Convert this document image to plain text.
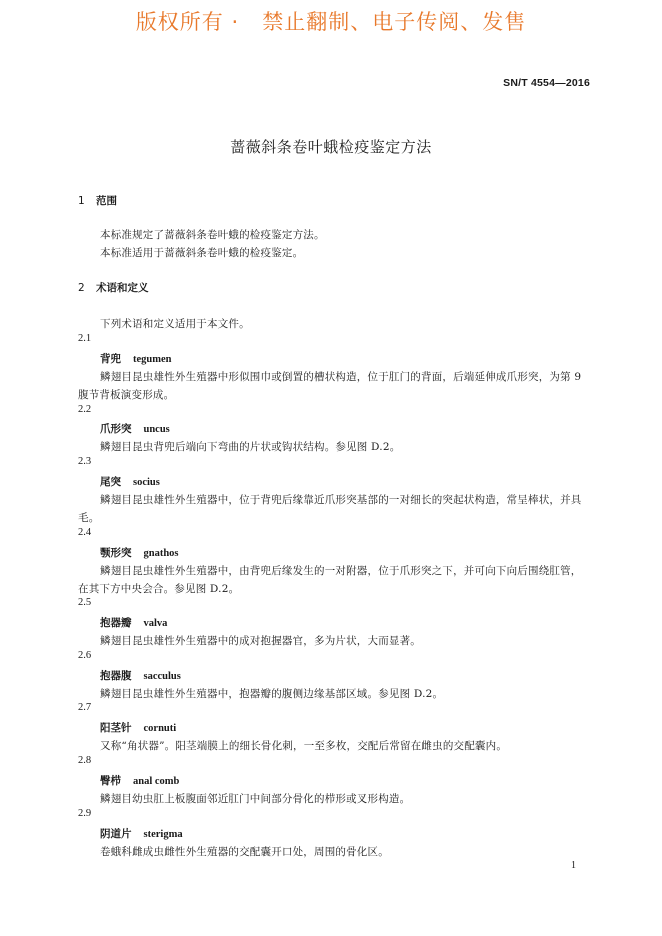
版权所有 ·   禁止翻制、电子传阅、发售
SN/T 4554—2016
蔷薇斜条卷叶蛾检疫鉴定方法
1 范围
本标准规定了蔷薇斜条卷叶蛾的检疫鉴定方法。
本标准适用于蔷薇斜条卷叶蛾的检疫鉴定。
2 术语和定义
下列术语和定义适用于本文件。
2.1
背兜 tegumen
鳞翅目昆虫雄性外生殖器中形似围巾或倒置的槽状构造，位于肛门的背面，后端延伸成爪形突，为第 9 腹节背板演变形成。
2.2
爪形突 uncus
鳞翅目昆虫背兜后端向下弯曲的片状或钩状结构。参见图 D.2。
2.3
尾突 socius
鳞翅目昆虫雄性外生殖器中，位于背兜后缘靠近爪形突基部的一对细长的突起状构造，常呈棒状，并具毛。
2.4
颚形突 gnathos
鳞翅目昆虫雄性外生殖器中，由背兜后缘发生的一对附器，位于爪形突之下，并可向下向后围绕肛管，在其下方中央会合。参见图 D.2。
2.5
抱器瓣 valva
鳞翅目昆虫雄性外生殖器中的成对抱握器官，多为片状，大而显著。
2.6
抱器腹 sacculus
鳞翅目昆虫雄性外生殖器中，抱器瓣的腹侧边缘基部区域。参见图 D.2。
2.7
阳茎针 cornuti
又称“角状器”。阳茎端膜上的细长骨化刺，一至多枚，交配后常留在雌虫的交配囊内。
2.8
臀栉 anal comb
鳞翅目幼虫肛上板腹面邻近肛门中间部分骨化的栉形或叉形构造。
2.9
阴道片 sterigma
卷蛾科雌成虫雌性外生殖器的交配囊开口处，周围的骨化区。
1
